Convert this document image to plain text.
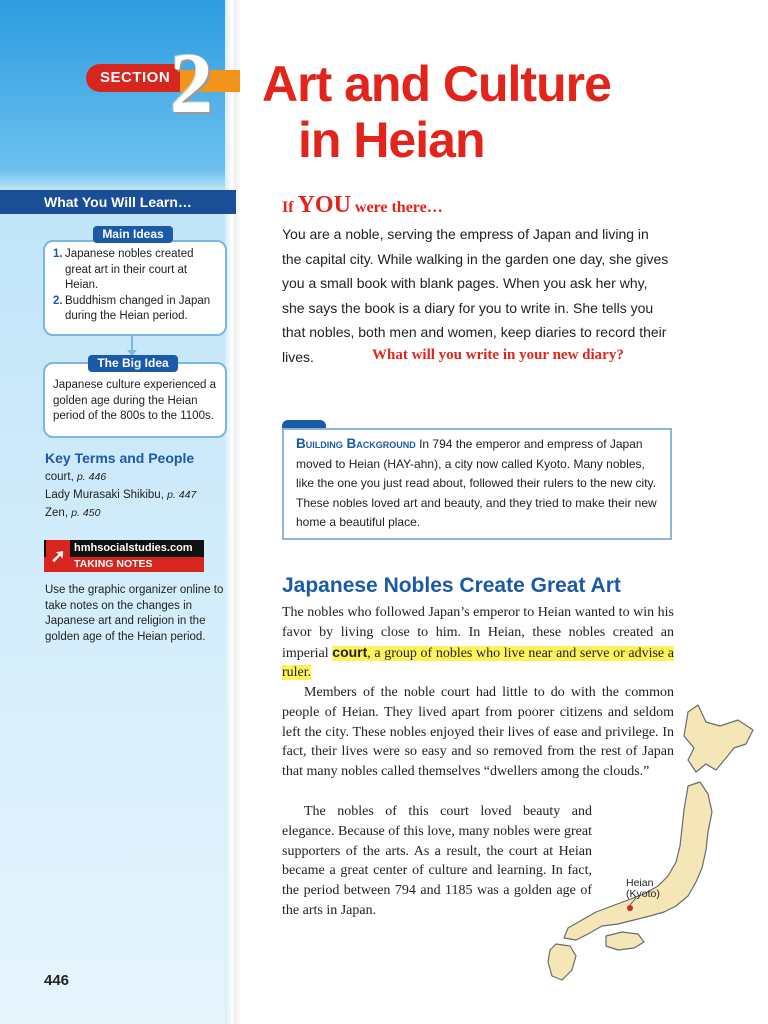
SECTION 2 Art and Culture
in Heian
What You Will Learn…
1. Japanese nobles created great art in their court at Heian.
2. Buddhism changed in Japan during the Heian period.
Main Ideas
Japanese culture experienced a golden age during the Heian period of the 800s to the 1100s.
The Big Idea
Key Terms and People
court, p. 446
Lady Murasaki Shikibu, p. 447
Zen, p. 450
hmhsocialstudies.com
TAKING NOTES
➚
Use the graphic organizer online to take notes on the changes in Japanese art and religion in the golden age of the Heian period.
446
If YOU were there…
You are a noble, serving the empress of Japan and living in the capital city. While walking in the garden one day, she gives you a small book with blank pages. When you ask her why, she says the book is a diary for you to write in. She tells you that nobles, both men and women, keep diaries to record their lives.	What will you write in your new diary?
Building Background In 794 the emperor and empress of Japan moved to Heian (HAY-ahn), a city now called Kyoto. Many nobles, like the one you just read about, followed their rulers to the new city. These nobles loved art and beauty, and they tried to make their new home a beautiful place.
Japanese Nobles Create Great Art
The nobles who followed Japan’s emperor to Heian wanted to win his favor by living close to him. In Heian, these nobles created an imperial court, a group of nobles who live near and serve or advise a ruler.
Members of the noble court had little to do with the common people of Heian. They lived apart from poorer citizens and seldom left the city. These nobles enjoyed their lives of ease and privilege. In fact, their lives were so easy and so removed from the rest of Japan that many nobles called themselves “dwellers among the clouds.”
The nobles of this court loved beauty and elegance. Because of this love, many nobles were great supporters of the arts. As a result, the court at Heian became a great center of culture and learning. In fact, the period between 794 and 1185 was a golden age of the arts in Japan.
Heian
(Kyoto)
